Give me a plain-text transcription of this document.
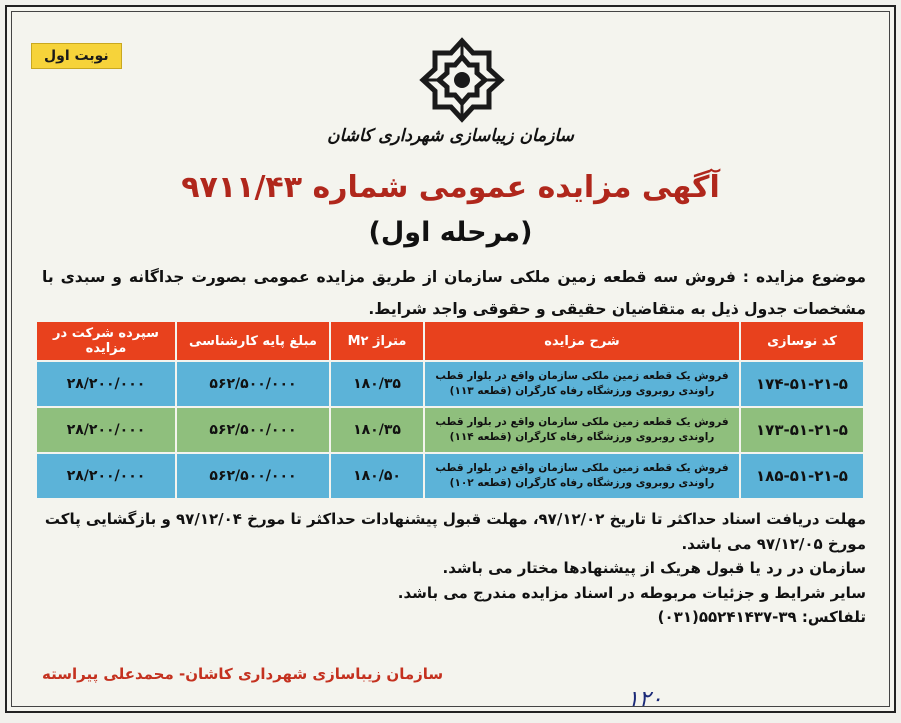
نوبت اول
سازمان زیباسازی شهرداری کاشان
آگهی مزایده عمومی شماره ۹۷۱۱/۴۳
(مرحله اول)
موضوع مزایده : فروش سه قطعه زمین ملکی سازمان از طریق مزایده عمومی بصورت جداگانه و سبدی با مشخصات جدول ذیل به متقاضیان حقیقی و حقوقی واجد شرایط.
کد نوسازی	شرح مزایده	متراژ M۲	مبلغ پایه کارشناسی	سپرده شرکت در مزایده
۱۷۴-۵۱-۲۱-۵	فروش یک قطعه زمین ملکی سازمان واقع در بلوار قطب راوندی روبروی ورزشگاه رفاه کارگران (قطعه ۱۱۳)	۱۸۰/۳۵	۵۶۲/۵۰۰/۰۰۰	۲۸/۲۰۰/۰۰۰
۱۷۳-۵۱-۲۱-۵	فروش یک قطعه زمین ملکی سازمان واقع در بلوار قطب راوندی روبروی ورزشگاه رفاه کارگران (قطعه ۱۱۴)	۱۸۰/۳۵	۵۶۲/۵۰۰/۰۰۰	۲۸/۲۰۰/۰۰۰
۱۸۵-۵۱-۲۱-۵	فروش یک قطعه زمین ملکی سازمان واقع در بلوار قطب راوندی روبروی ورزشگاه رفاه کارگران (قطعه ۱۰۲)	۱۸۰/۵۰	۵۶۲/۵۰۰/۰۰۰	۲۸/۲۰۰/۰۰۰

مهلت دریافت اسناد حداکثر تا تاریخ ۹۷/۱۲/۰۲، مهلت قبول پیشنهادات حداکثر تا مورخ ۹۷/۱۲/۰۴ و بازگشایی پاکت مورخ ۹۷/۱۲/۰۵ می باشد.

سازمان در رد یا قبول هریک از پیشنهادها مختار می باشد.

سایر شرایط و جزئیات مربوطه در اسناد مزایده مندرج می باشد.

تلفاکس: ۳۹-۵۵۲۴۱۴۳۷(۰۳۱)

سازمان زیباسازی شهرداری کاشان- محمدعلی پیراسته
۱۲۰
